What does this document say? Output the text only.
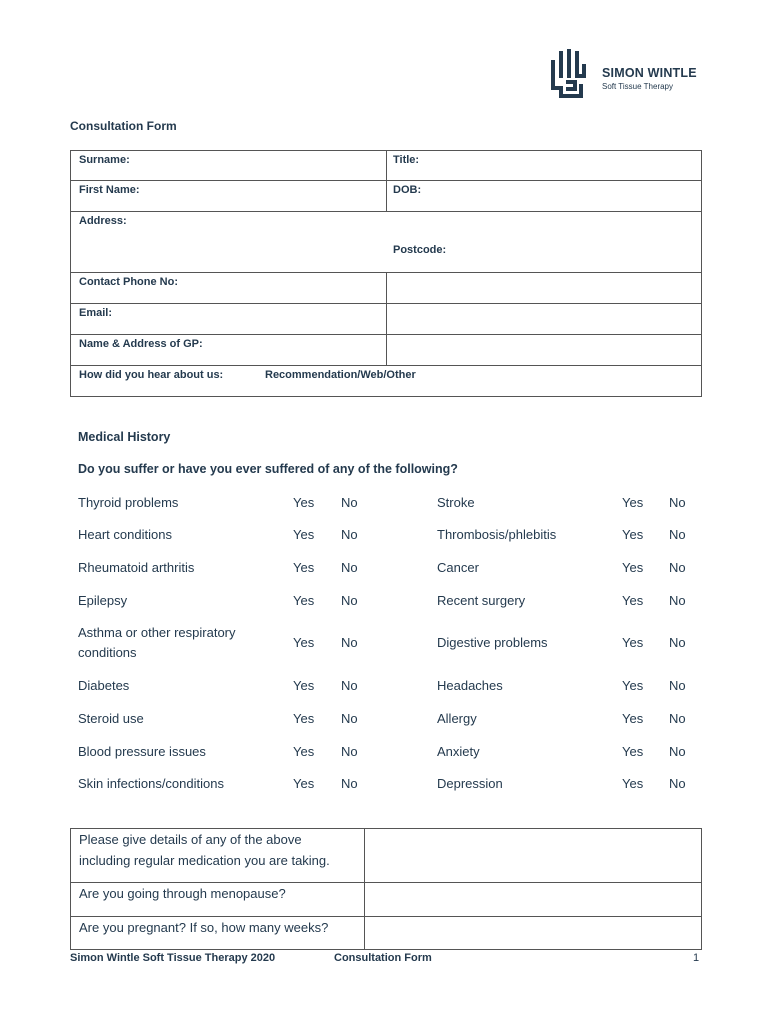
SIMON WINTLE
Soft Tissue Therapy
Consultation Form
Surname:	Title:

First Name:	DOB:

Address:
Postcode:	

Contact Phone No:	

Email:	

Name & Address of GP:	

How did you hear about us: Recommendation/Web/Other	
Medical History
Do you suffer or have you ever suffered of any of the following?
Thyroid problems	Yes No	Stroke	Yes No
Heart conditions	Yes No	Thrombosis/phlebitis	Yes No
Rheumatoid arthritis	Yes No	Cancer	Yes No
Epilepsy	Yes No	Recent surgery	Yes No
Asthma or other respiratory
conditions
Yes No	Digestive problems	Yes No
Diabetes	Yes No	Headaches	Yes No
Steroid use	Yes No	Allergy	Yes No
Blood pressure issues	Yes No	Anxiety	Yes No
Skin infections/conditions	Yes No	Depression	Yes No
Please give details of any of the above
including regular medication you are taking.	

Are you going through menopause?	

Are you pregnant? If so, how many weeks?	

Simon Wintle Soft Tissue Therapy 2020	Consultation Form	1
